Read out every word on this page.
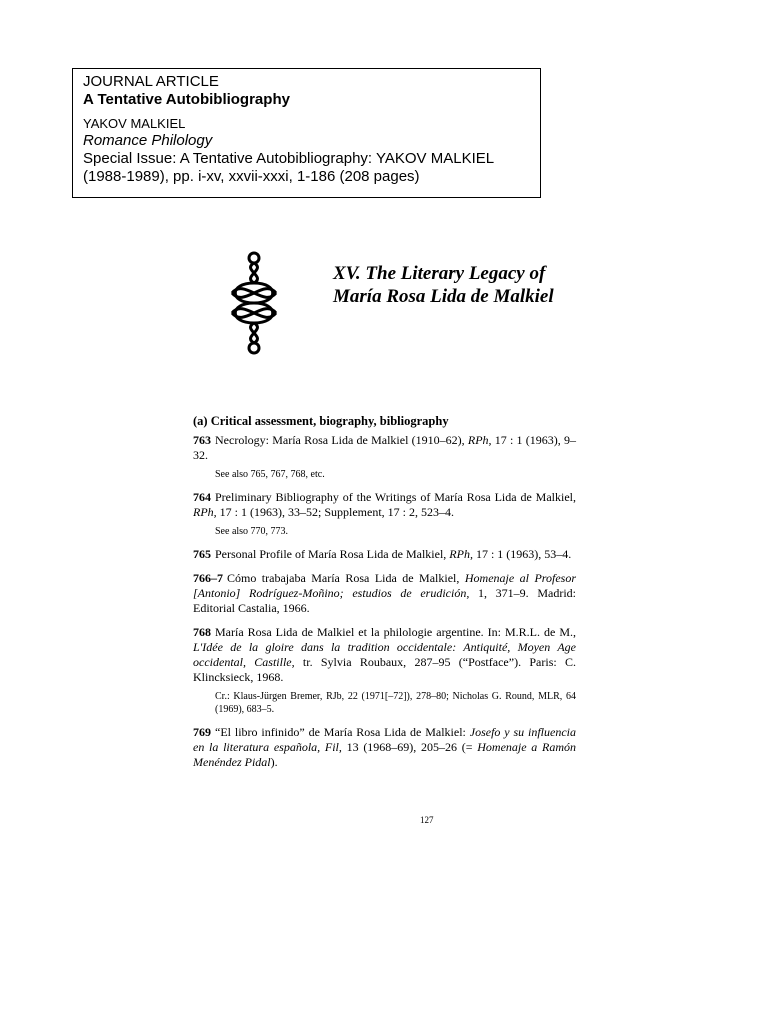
JOURNAL ARTICLE

A Tentative Autobibliography

YAKOV MALKIEL

Romance Philology

Special Issue: A Tentative Autobibliography: YAKOV MALKIEL

(1988-1989), pp. i-xv, xxvii-xxxi, 1-186 (208 pages)

XV. The Literary Legacy of
María Rosa Lida de Malkiel
(a) Critical assessment, biography, bibliography
763 Necrology: María Rosa Lida de Malkiel (1910–62), RPh, 17 : 1 (1963), 9–32.
See also 765, 767, 768, etc.
764 Preliminary Bibliography of the Writings of María Rosa Lida de Malkiel, RPh, 17 : 1 (1963), 33–52; Supplement, 17 : 2, 523–4.
See also 770, 773.
765 Personal Profile of María Rosa Lida de Malkiel, RPh, 17 : 1 (1963), 53–4.
766–7 Cómo trabajaba María Rosa Lida de Malkiel, Homenaje al Profesor [Antonio] Rodríguez-Moñino; estudios de erudición, 1, 371–9. Madrid: Editorial Castalia, 1966.
768 María Rosa Lida de Malkiel et la philologie argentine. In: M.R.L. de M., L'Idée de la gloire dans la tradition occidentale: Antiquité, Moyen Age occidental, Castille, tr. Sylvia Roubaux, 287–95 (“Postface”). Paris: C. Klincksieck, 1968.
Cr.: Klaus-Jürgen Bremer, RJb, 22 (1971[–72]), 278–80; Nicholas G. Round, MLR, 64 (1969), 683–5.
769 “El libro infinido” de María Rosa Lida de Malkiel: Josefo y su influencia en la literatura española, Fil, 13 (1968–69), 205–26 (= Homenaje a Ramón Menéndez Pidal).
127
